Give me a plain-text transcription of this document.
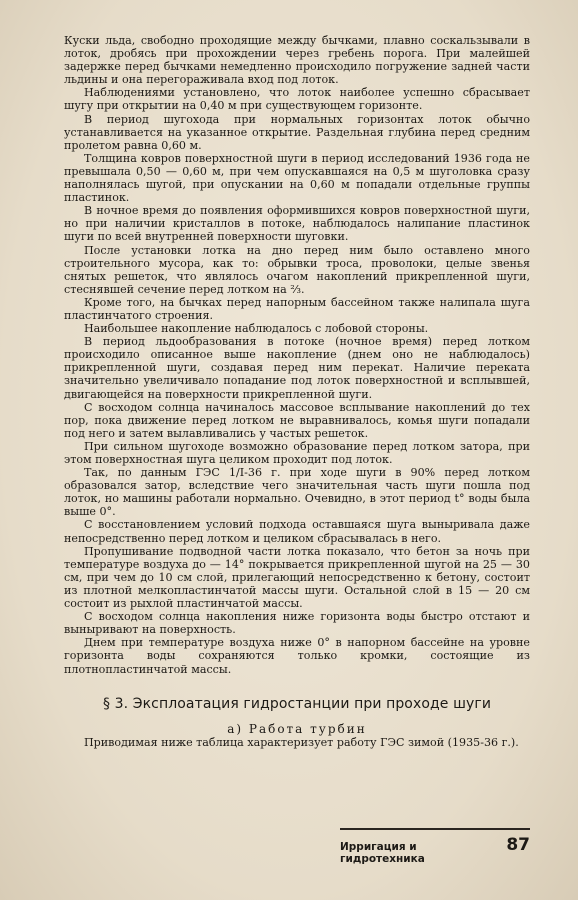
Куски льда, свободно проходящие между бычками, плавно соскальзывали в лоток, дробясь при прохождении через гребень порога. При малейшей задержке перед бычками немедленно происходило погружение задней части льдины и она перегораживала вход под лоток.

Наблюдениями установлено, что лоток наиболее успешно сбрасывает шугу при открытии на 0,40 м при существующем горизонте.

В период шугохода при нормальных горизонтах лоток обычно устанавливается на указанное открытие. Раздельная глубина перед средним пролетом равна 0,60 м.

Толщина ковров поверхностной шуги в период исследований 1936 года не превышала 0,50 — 0,60 м, при чем опускавшаяся на 0,5 м шуголовка сразу наполнялась шугой, при опускании на 0,60 м попадали отдельные группы пластинок.

В ночное время до появления оформившихся ковров поверхностной шуги, но при наличии кристаллов в потоке, наблюдалось налипание пластинок шуги по всей внутренней поверхности шуговки.

После установки лотка на дно перед ним было оставлено много строительного мусора, как то: обрывки троса, проволоки, целые звенья снятых решеток, что являлось очагом накоплений прикрепленной шуги, стеснявшей сечение перед лотком на ⅔.

Кроме того, на бычках перед напорным бассейном также налипала шуга пластинчатого строения.

Наибольшее накопление наблюдалось с лобовой стороны.

В период льдообразования в потоке (ночное время) перед лотком происходило описанное выше накопление (днем оно не наблюдалось) прикрепленной шуги, создавая перед ним перекат. Наличие переката значительно увеличивало попадание под лоток поверхностной и всплывшей, двигающейся на поверхности прикрепленной шуги.

С восходом солнца начиналось массовое всплывание накоплений до тех пор, пока движение перед лотком не выравнивалось, комья шуги попадали под него и затем вылавливались у частых решеток.

При сильном шугоходе возможно образование перед лотком затора, при этом поверхностная шуга целиком проходит под лоток.

Так, по данным ГЭС 1/I-36 г. при ходе шуги в 90% перед лотком образовался затор, вследствие чего значительная часть шуги пошла под лоток, но машины работали нормально. Очевидно, в этот период t° воды была выше 0°.

С восстановлением условий подхода оставшаяся шуга выныривала даже непосредственно перед лотком и целиком сбрасывалась в него.

Пропушивание подводной части лотка показало, что бетон за ночь при температуре воздуха до — 14° покрывается прикрепленной шугой на 25 — 30 см, при чем до 10 см слой, прилегающий непосредственно к бетону, состоит из плотной мелкопластинчатой массы шуги. Остальной слой в 15 — 20 см состоит из рыхлой пластинчатой массы.

С восходом солнца накопления ниже горизонта воды быстро отстают и выныривают на поверхность.

Днем при температуре воздуха ниже 0° в напорном бассейне на уровне горизонта воды сохраняются только кромки, состоящие из плотнопластинчатой массы.

§ 3. Эксплоатация гидростанции при проходе шуги
а) Работа турбин

Приводимая ниже таблица характеризует работу ГЭС зимой (1935-36 г.).

Ирригация и гидротехника
87
